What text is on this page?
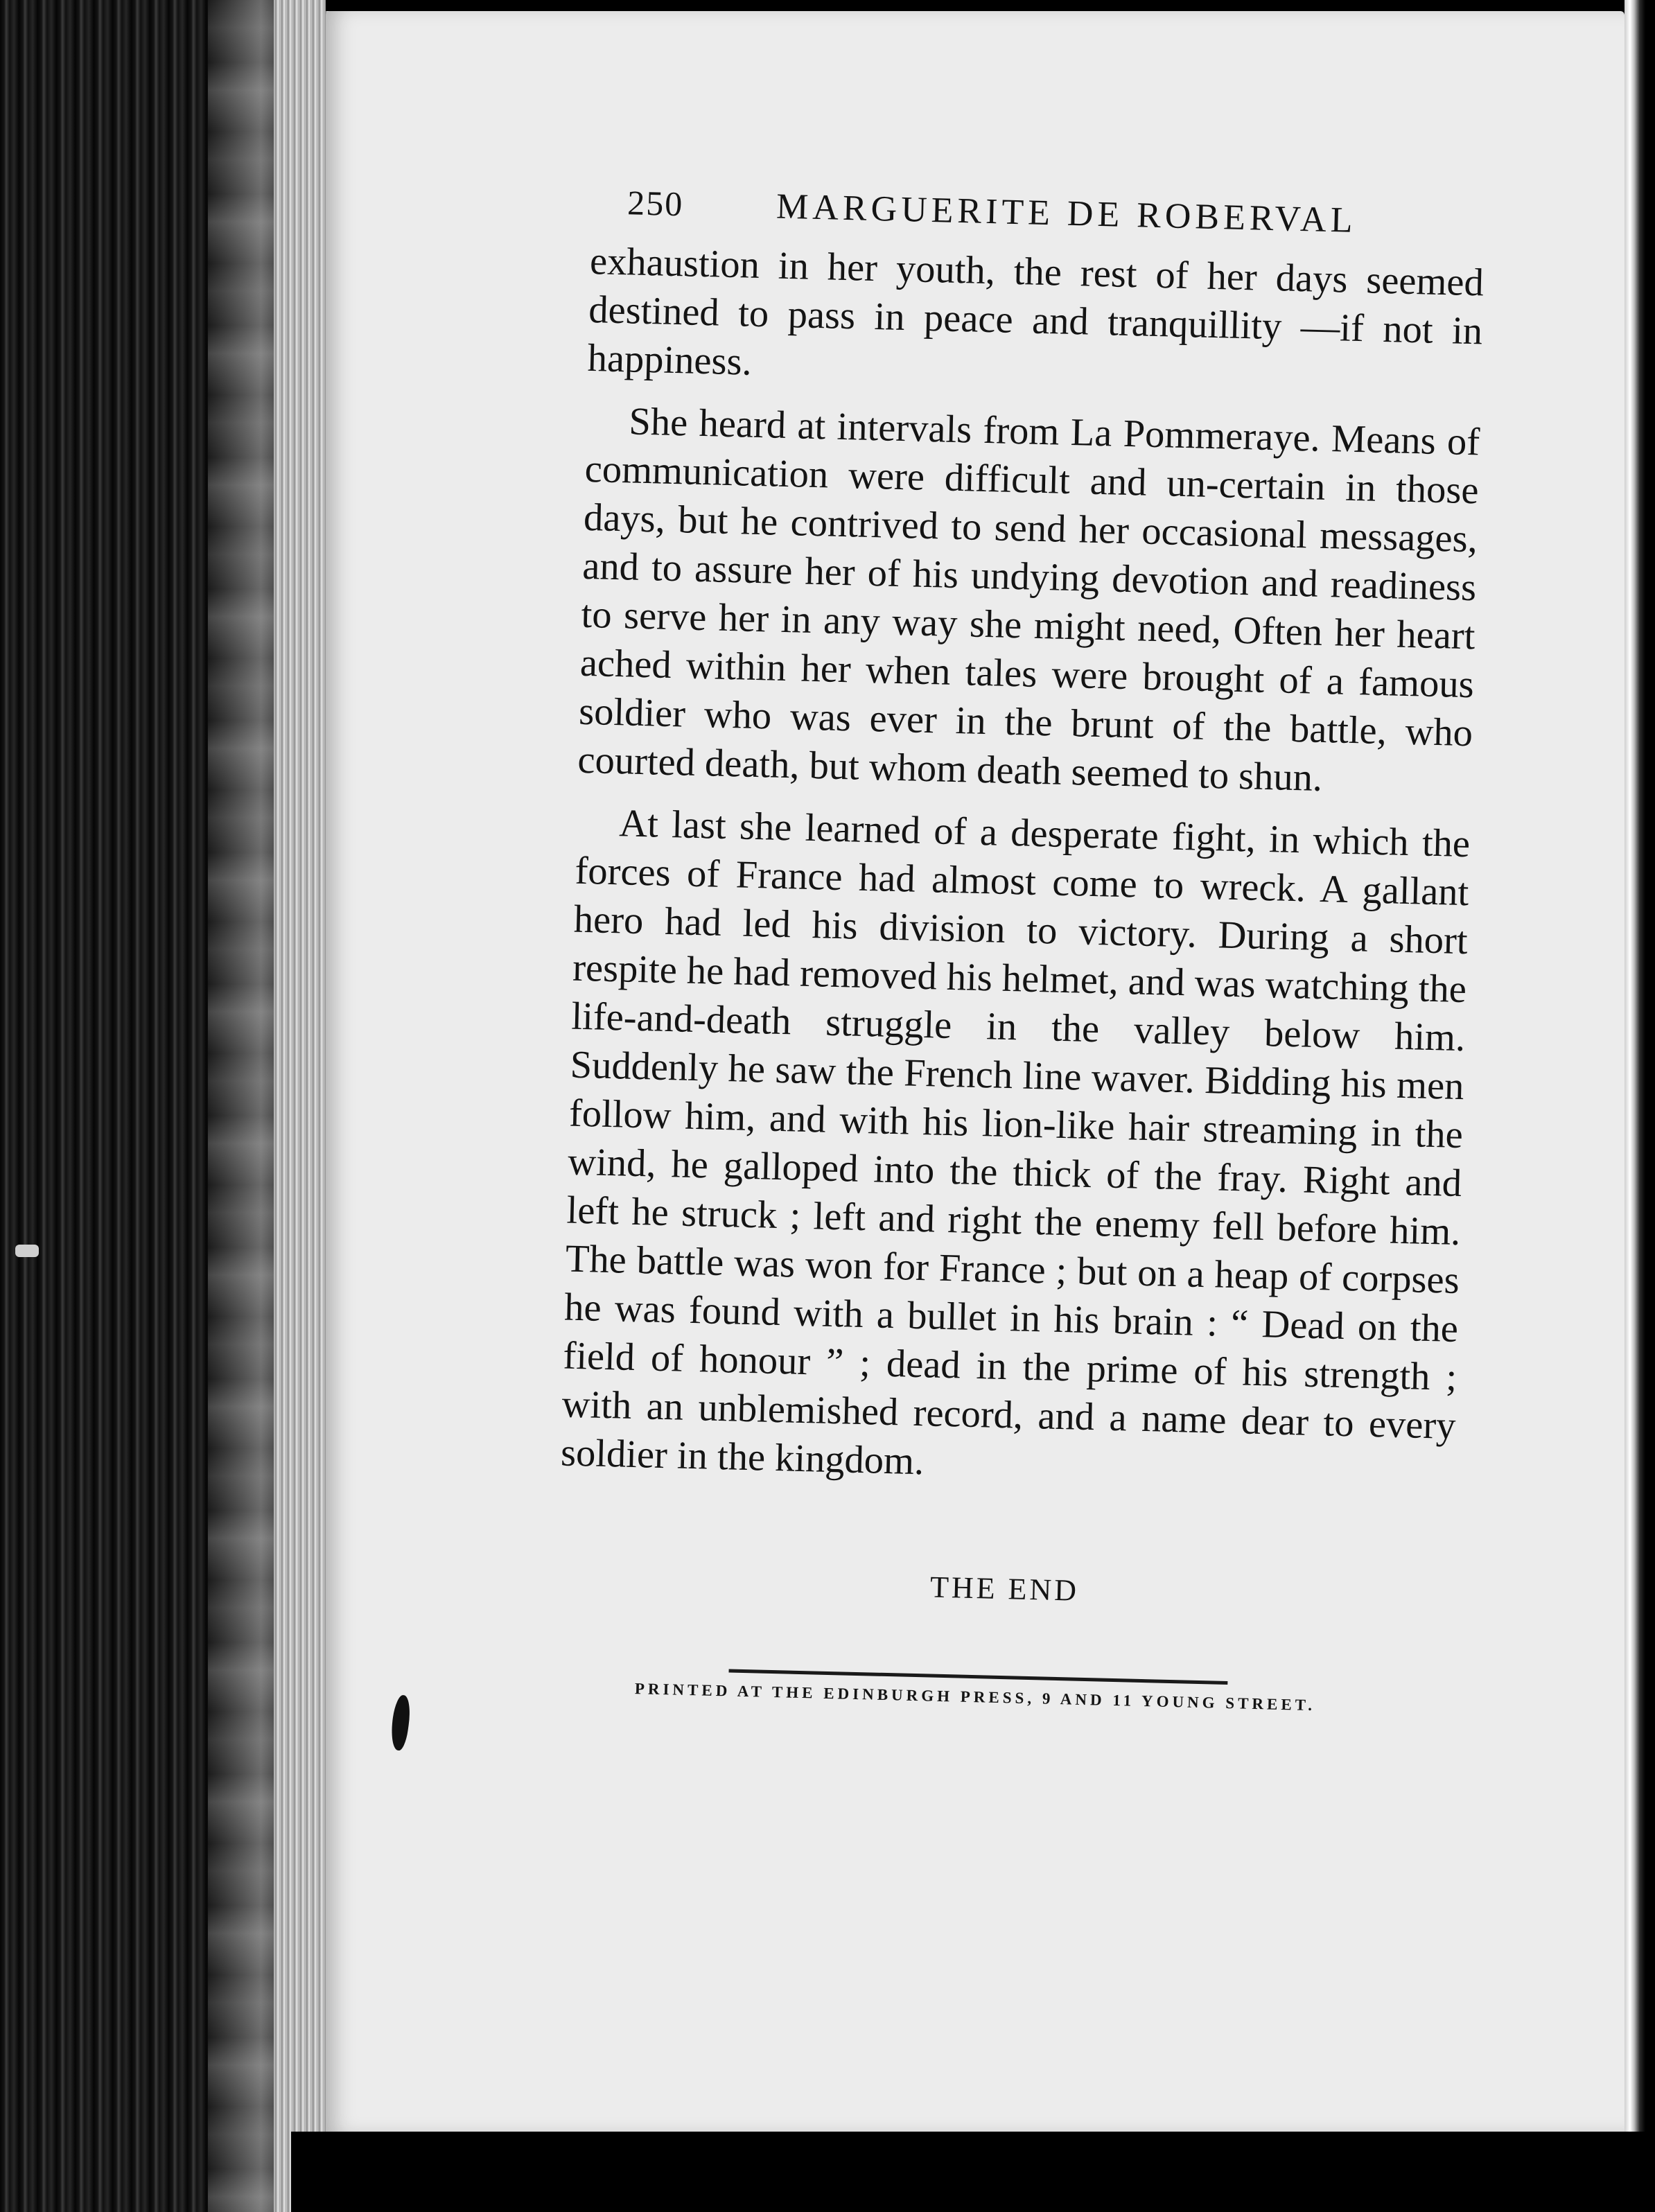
250	MARGUERITE DE ROBERVAL

exhaustion in her youth, the rest of her days seemed destined to pass in peace and tranquillity —if not in happiness.

She heard at intervals from La Pommeraye. Means of communication were difficult and un-certain in those days, but he contrived to send her occasional messages, and to assure her of his undying devotion and readiness to serve her in any way she might need, Often her heart ached within her when tales were brought of a famous soldier who was ever in the brunt of the battle, who courted death, but whom death seemed to shun.

At last she learned of a desperate fight, in which the forces of France had almost come to wreck. A gallant hero had led his division to victory. During a short respite he had removed his helmet, and was watching the life-and-death struggle in the valley below him. Suddenly he saw the French line waver. Bidding his men follow him, and with his lion-like hair streaming in the wind, he galloped into the thick of the fray. Right and left he struck ; left and right the enemy fell before him. The battle was won for France ; but on a heap of corpses he was found with a bullet in his brain : “ Dead on the field of honour ” ; dead in the prime of his strength ; with an unblemished record, and a name dear to every soldier in the kingdom.

THE END
PRINTED AT THE EDINBURGH PRESS, 9 AND 11 YOUNG STREET.
